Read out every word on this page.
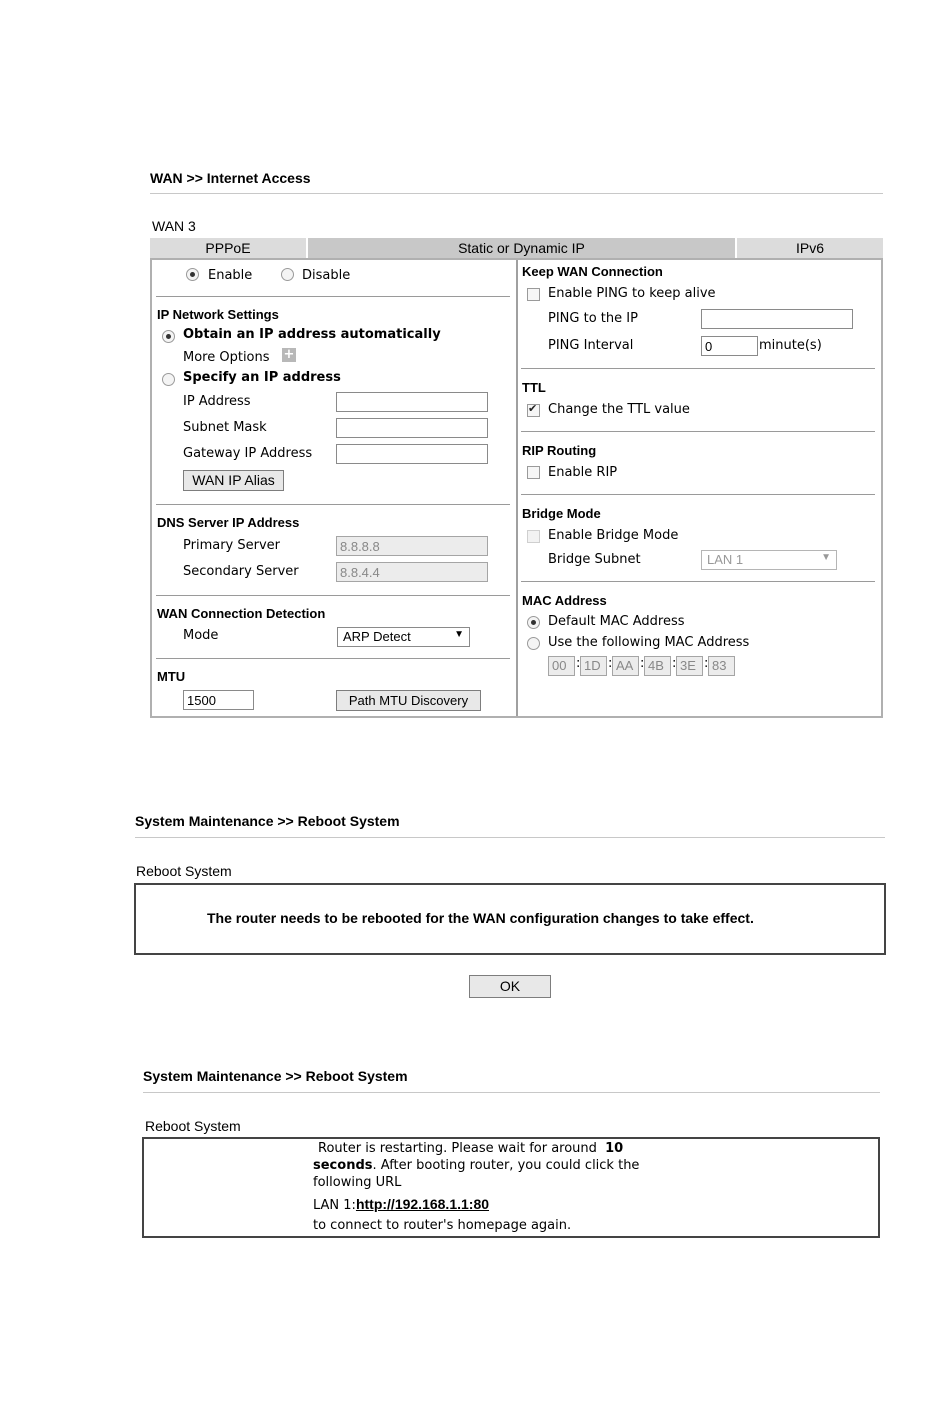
WAN >> Internet Access
WAN 3
PPPoE	Static or Dynamic IP	IPv6
Enable	Disable
IP Network Settings
Obtain an IP address automatically
More Options +
Specify an IP address
IP Address
Subnet Mask
Gateway IP Address
WAN IP Alias
DNS Server IP Address
Primary Server
8.8.8.8
Secondary Server
8.8.4.4
WAN Connection Detection
Mode	ARP Detect	▼
MTU
1500
Path MTU Discovery
Keep WAN Connection
Enable PING to keep alive
PING to the IP
PING Interval
0	minute(s)
TTL
✔
Change the TTL value
RIP Routing
Enable RIP
Bridge Mode
Enable Bridge Mode
Bridge Subnet	LAN 1	▼
MAC Address
Default MAC Address
Use the following MAC Address
00 : 1D : AA : 4B : 3E : 83
System Maintenance >> Reboot System
Reboot System
The router needs to be rebooted for the WAN configuration changes to take effect.
OK
System Maintenance >> Reboot System
Reboot System
Router is restarting. Please wait for around 10
seconds. After booting router, you could click the
following URL
LAN 1:http://192.168.1.1:80
to connect to router's homepage again.
